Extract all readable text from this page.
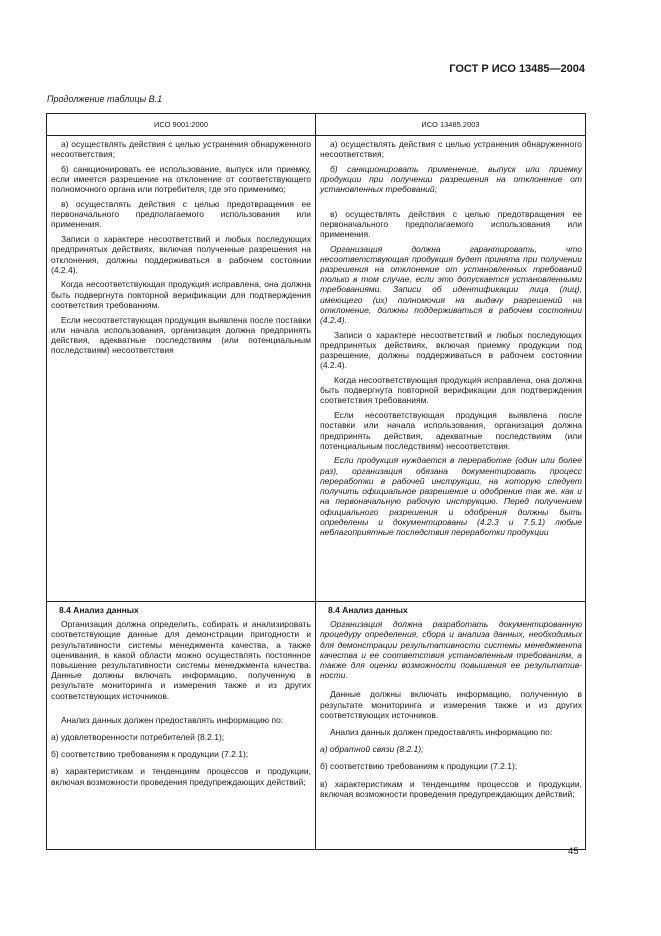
ГОСТ Р ИСО 13485—2004
Продолжение таблицы В.1
ИСО 9001:2000	ИСО 13485.2003

а) осуществлять действия с целью устранения обнаруженного несоответствия;

б) санкционировать ее использование, выпуск или приемку, если имеется разрешение на отклонение от соответствующего полномочного органа или потребителя, где это применимо;

в) осуществлять действия с целью предотвращения ее первоначального предполагаемого использования или применения.

Записи о характере несоответствий и любых последующих предпринятых действиях, включая полученные разрешения на отклонения, должны поддерживаться в рабочем состоянии (4.2.4).

Когда несоответствующая продукция исправлена, она должна быть подвергнута повторной верификации для подтверждения соответствия требованиям.

Если несоответствующая продукция выявлена после поставки или начала использования, организация должна предпринять действия, адекватные последствиям (или потенциальным последствиям) несоответствия

а) осуществлять действия с целью устранения обнаруженного несоответствия;

б) санкционировать применение, выпуск или приемку продукции при получении разрешения на отклонение от установленных требований;

в) осуществлять действия с целью предотвращения ее первоначального предполагаемого использования или применения.

Организация должна гарантировать, что несоответствующая продукция будет принята при получении разрешения на отклонение от установленных требований только в том случае, если это допускается установленными требованиями. Записи об идентификации лица (лиц), имеющего (их) полномочия на выдачу разрешений на отклонение, должны поддерживаться в рабочем состоянии (4.2.4).

Записи о характере несоответствий и любых последующих предпринятых действиях, включая приемку продукции под разрешение, должны поддерживаться в рабочем состоянии (4.2.4).

Когда несоответствующая продукция исправлена, она должна быть подвергнута повторной верификации для подтверждения соответствия требованиям.

Если несоответствующая продукция выявлена после поставки или начала использования, организация должна предпринять действия, адекватные последствиям (или потенциальным последствиям) несоответствия.

Если продукция нуждается в переработке (один или более раз), организация обязана документировать процесс переработки в рабочей инструкции, на которую следует получить официальное разрешение и одобрение так же, как и на первоначальную рабочую инструкцию. Перед получением официального разрешения и одобрения должны быть определены и документированы (4.2.3 и 7.5.1) любые неблагоприятные последствия переработки продукции

8.4 Анализ данных

Организация должна определить, собирать и анализировать соответствующие данные для демонстрации пригодности и результативности системы менеджмента качества, а также оценивания, в какой области можно осуществлять постоянное повышение результативности системы менеджмента качества. Данные должны включать информацию, полученную в результате мониторинга и измерения также и из других соответствующих источников.

Анализ данных должен предоставлять информацию по:

а) удовлетворенности потребителей (8.2.1);

б) соответствию требованиям к продукции (7.2.1);

в) характеристикам и тенденциям процессов и продукции, включая возможности проведения предупреждающих действий;

8.4 Анализ данных

Организация должна разработать документированную процедуру определения, сбора и анализа данных, необходимых для демонстрации результативности системы менеджмента качества и ее соответствия установленным требованиям, а также для оценки возможности повышения ее результативности.

Данные должны включать информацию, полученную в результате мониторинга и измерения также и из других соответствующих источников.

Анализ данных должен предоставлять информацию по:

а) обратной связи (8.2.1);

б) соответствию требованиям к продукции (7.2.1);

в) характеристикам и тенденциям процессов и продукции, включая возможности проведения предупреждающих действий;

45
